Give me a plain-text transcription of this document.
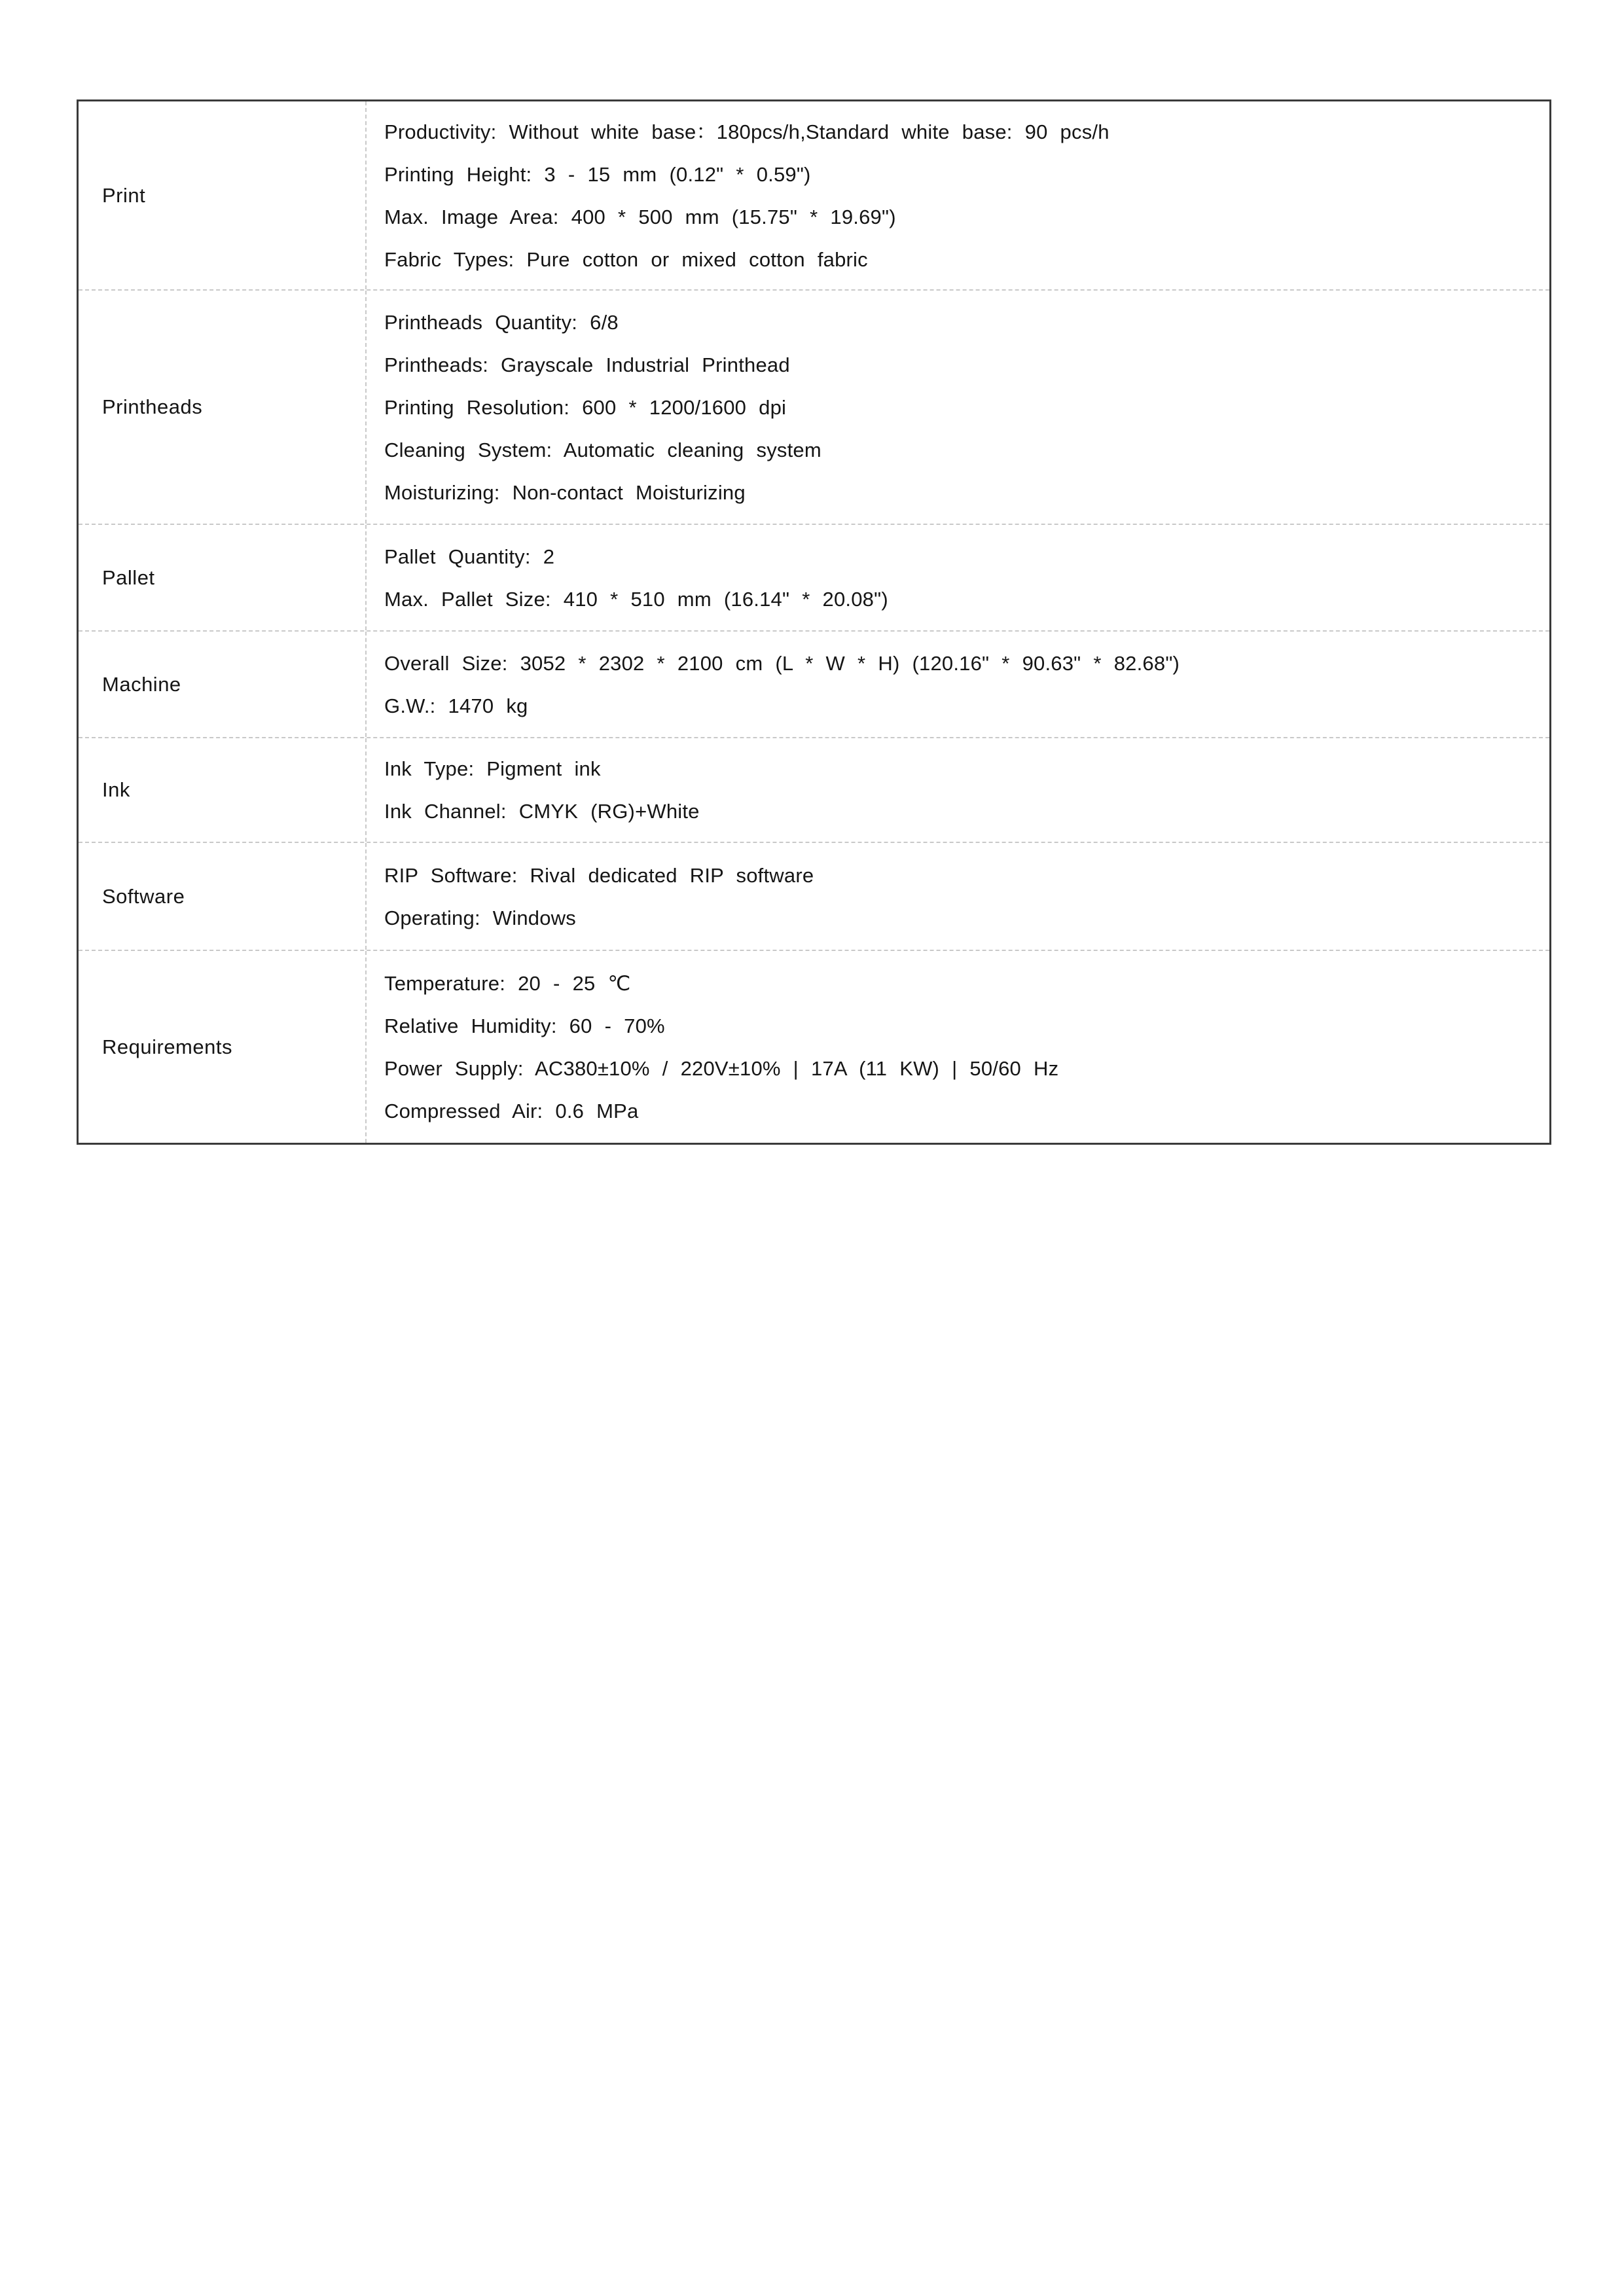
Print

Productivity: Without white base：180pcs/h,Standard white base: 90 pcs/h

Printing Height: 3 - 15 mm (0.12" * 0.59")

Max. Image Area: 400 * 500 mm (15.75" * 19.69")

Fabric Types: Pure cotton or mixed cotton fabric

Printheads

Printheads Quantity: 6/8

Printheads: Grayscale Industrial Printhead

Printing Resolution: 600 * 1200/1600 dpi

Cleaning System: Automatic cleaning system

Moisturizing: Non-contact Moisturizing

Pallet

Pallet Quantity: 2

Max. Pallet Size: 410 * 510 mm (16.14" * 20.08")

Machine

Overall Size: 3052 * 2302 * 2100 cm (L * W * H) (120.16" * 90.63" * 82.68")

G.W.: 1470 kg

Ink

Ink Type: Pigment ink

Ink Channel: CMYK (RG)+White

Software

RIP Software: Rival dedicated RIP software

Operating: Windows

Requirements

Temperature: 20 - 25 ℃

Relative Humidity: 60 - 70%

Power Supply: AC380±10% / 220V±10% | 17A (11 KW) | 50/60 Hz

Compressed Air: 0.6 MPa
